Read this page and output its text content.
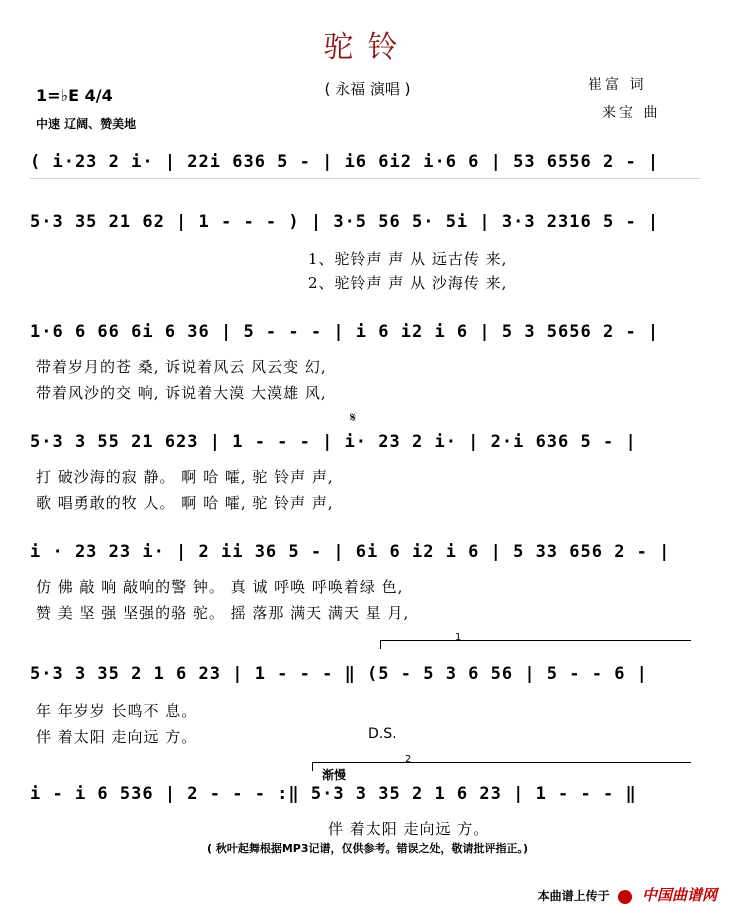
驼铃
( 永福 演唱 )	崔富 词
来宝 曲
1=♭E 4/4
中速 辽阔、赞美地
( i·23 2 i· | 22i 636 5 - | i6 6i2 i·6 6 | 53 6556 2 - |
5·3 35 21 62 | 1 - - - ) | 3·5 56 5· 5i | 3·3 2316 5 - |
1、驼铃声 声 从 远古传 来,
2、驼铃声 声 从 沙海传 来,
1·6 6 66 6i 6 36 | 5 - - - | i 6 i2 i 6 | 5 3 5656 2 - |
带着岁月的苍 桑, 诉说着风云 风云变 幻,
带着风沙的交 响, 诉说着大漠 大漠雄 风,
𝄋
5·3 3 55 21 623 | 1 - - - | i· 23 2 i· | 2·i 636 5 - |
打 破沙海的寂 静。 啊 哈 嚯, 驼 铃声 声,
歌 唱勇敢的牧 人。 啊 哈 嚯, 驼 铃声 声,
i · 23 23 i· | 2 ii 36 5 - | 6i 6 i2 i 6 | 5 33 656 2 - |
仿 佛 敲 响 敲响的警 钟。 真 诚 呼唤 呼唤着绿 色,
赞 美 坚 强 坚强的骆 驼。 摇 落那 满天 满天 星 月,
1
5·3 3 35 2 1 6 23 | 1 - - - ‖ (5 - 5 3 6 56 | 5 - - 6 |
年 年岁岁 长鸣不 息。
伴 着太阳 走向远 方。	D.S.
2
渐慢
i - i 6 536 | 2 - - - :‖ 5·3 3 35 2 1 6 23 | 1 - - - ‖
伴 着太阳 走向远 方。
( 秋叶起舞根据MP3记谱，仅供参考。错误之处，敬请批评指正。)
本曲谱上传于 中国曲谱网
